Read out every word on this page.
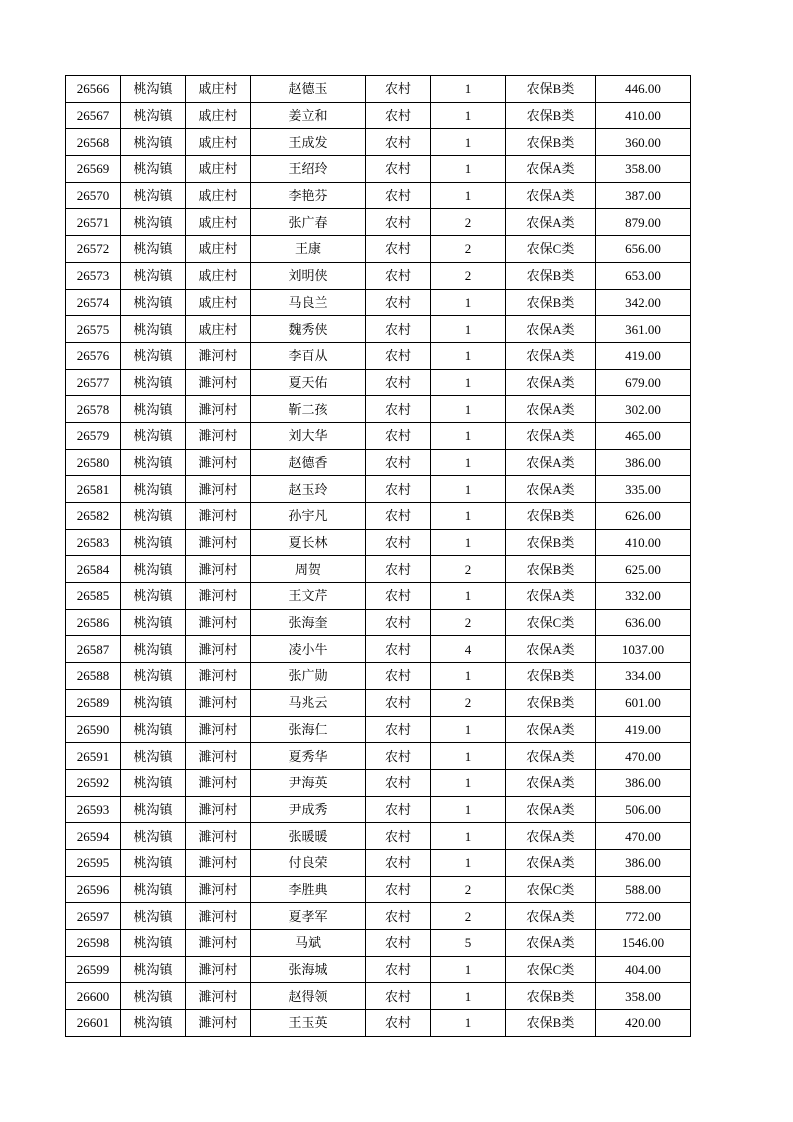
26566	桃沟镇	戚庄村	赵德玉	农村	1	农保B类	446.00
26567	桃沟镇	戚庄村	姜立和	农村	1	农保B类	410.00
26568	桃沟镇	戚庄村	王成发	农村	1	农保B类	360.00
26569	桃沟镇	戚庄村	王绍玲	农村	1	农保A类	358.00
26570	桃沟镇	戚庄村	李艳芬	农村	1	农保A类	387.00
26571	桃沟镇	戚庄村	张广春	农村	2	农保A类	879.00
26572	桃沟镇	戚庄村	王康	农村	2	农保C类	656.00
26573	桃沟镇	戚庄村	刘明侠	农村	2	农保B类	653.00
26574	桃沟镇	戚庄村	马良兰	农村	1	农保B类	342.00
26575	桃沟镇	戚庄村	魏秀侠	农村	1	农保A类	361.00
26576	桃沟镇	濉河村	李百从	农村	1	农保A类	419.00
26577	桃沟镇	濉河村	夏天佑	农村	1	农保A类	679.00
26578	桃沟镇	濉河村	靳二孩	农村	1	农保A类	302.00
26579	桃沟镇	濉河村	刘大华	农村	1	农保A类	465.00
26580	桃沟镇	濉河村	赵德香	农村	1	农保A类	386.00
26581	桃沟镇	濉河村	赵玉玲	农村	1	农保A类	335.00
26582	桃沟镇	濉河村	孙宇凡	农村	1	农保B类	626.00
26583	桃沟镇	濉河村	夏长林	农村	1	农保B类	410.00
26584	桃沟镇	濉河村	周贺	农村	2	农保B类	625.00
26585	桃沟镇	濉河村	王文芹	农村	1	农保A类	332.00
26586	桃沟镇	濉河村	张海奎	农村	2	农保C类	636.00
26587	桃沟镇	濉河村	凌小牛	农村	4	农保A类	1037.00
26588	桃沟镇	濉河村	张广勋	农村	1	农保B类	334.00
26589	桃沟镇	濉河村	马兆云	农村	2	农保B类	601.00
26590	桃沟镇	濉河村	张海仁	农村	1	农保A类	419.00
26591	桃沟镇	濉河村	夏秀华	农村	1	农保A类	470.00
26592	桃沟镇	濉河村	尹海英	农村	1	农保A类	386.00
26593	桃沟镇	濉河村	尹成秀	农村	1	农保A类	506.00
26594	桃沟镇	濉河村	张暖暖	农村	1	农保A类	470.00
26595	桃沟镇	濉河村	付良荣	农村	1	农保A类	386.00
26596	桃沟镇	濉河村	李胜典	农村	2	农保C类	588.00
26597	桃沟镇	濉河村	夏孝军	农村	2	农保A类	772.00
26598	桃沟镇	濉河村	马斌	农村	5	农保A类	1546.00
26599	桃沟镇	濉河村	张海城	农村	1	农保C类	404.00
26600	桃沟镇	濉河村	赵得领	农村	1	农保B类	358.00
26601	桃沟镇	濉河村	王玉英	农村	1	农保B类	420.00
